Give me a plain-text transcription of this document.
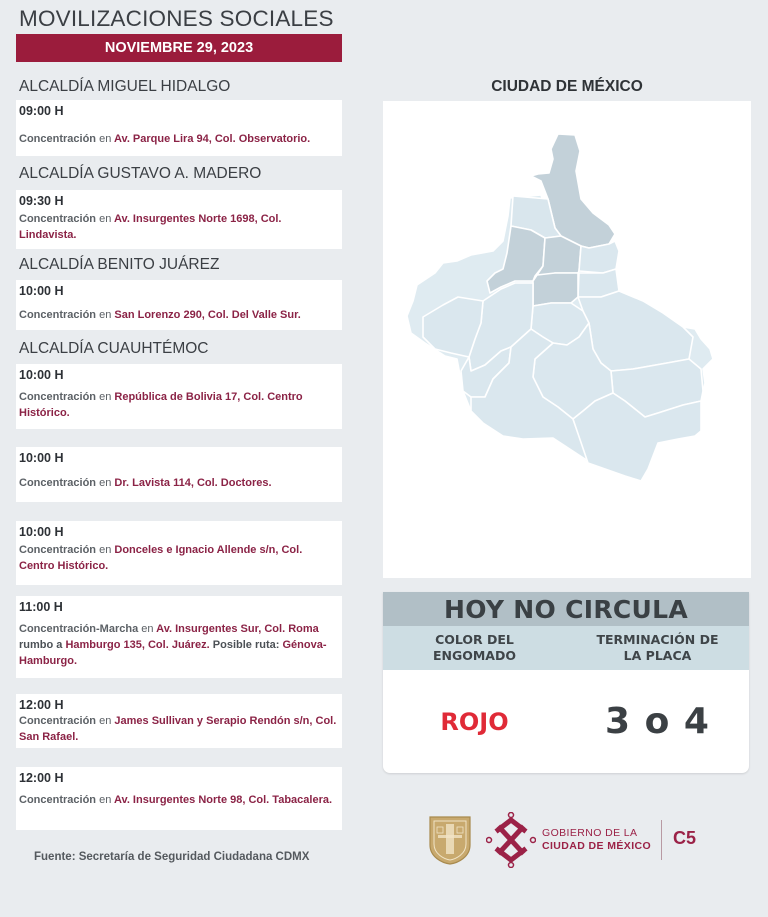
MOVILIZACIONES SOCIALES
NOVIEMBRE 29, 2023
ALCALDÍA MIGUEL HIDALGO
09:00 H
Concentración en Av. Parque Lira 94, Col. Observatorio.
ALCALDÍA GUSTAVO A. MADERO
09:30 H
Concentración en Av. Insurgentes Norte 1698, Col. Lindavista.
ALCALDÍA BENITO JUÁREZ
10:00 H
Concentración en San Lorenzo 290, Col. Del Valle Sur.
ALCALDÍA CUAUHTÉMOC
10:00 H
Concentración en República de Bolivia 17, Col. Centro Histórico.
10:00 H
Concentración en Dr. Lavista 114, Col. Doctores.
10:00 H
Concentración en Donceles e Ignacio Allende s/n, Col. Centro Histórico.
11:00 H
Concentración-Marcha en Av. Insurgentes Sur, Col. Roma rumbo a Hamburgo 135, Col. Juárez. Posible ruta: Génova-Hamburgo.
12:00 H
Concentración en James Sullivan y Serapio Rendón s/n, Col. San Rafael.
12:00 H
Concentración en Av. Insurgentes Norte 98, Col. Tabacalera.
Fuente: Secretaría de Seguridad Ciudadana CDMX
CIUDAD DE MÉXICO
HOY NO CIRCULA
COLOR DEL
ENGOMADO
TERMINACIÓN DE
LA PLACA
ROJO	3 o 4
GOBIERNO DE LA
CIUDAD DE MÉXICO C5
